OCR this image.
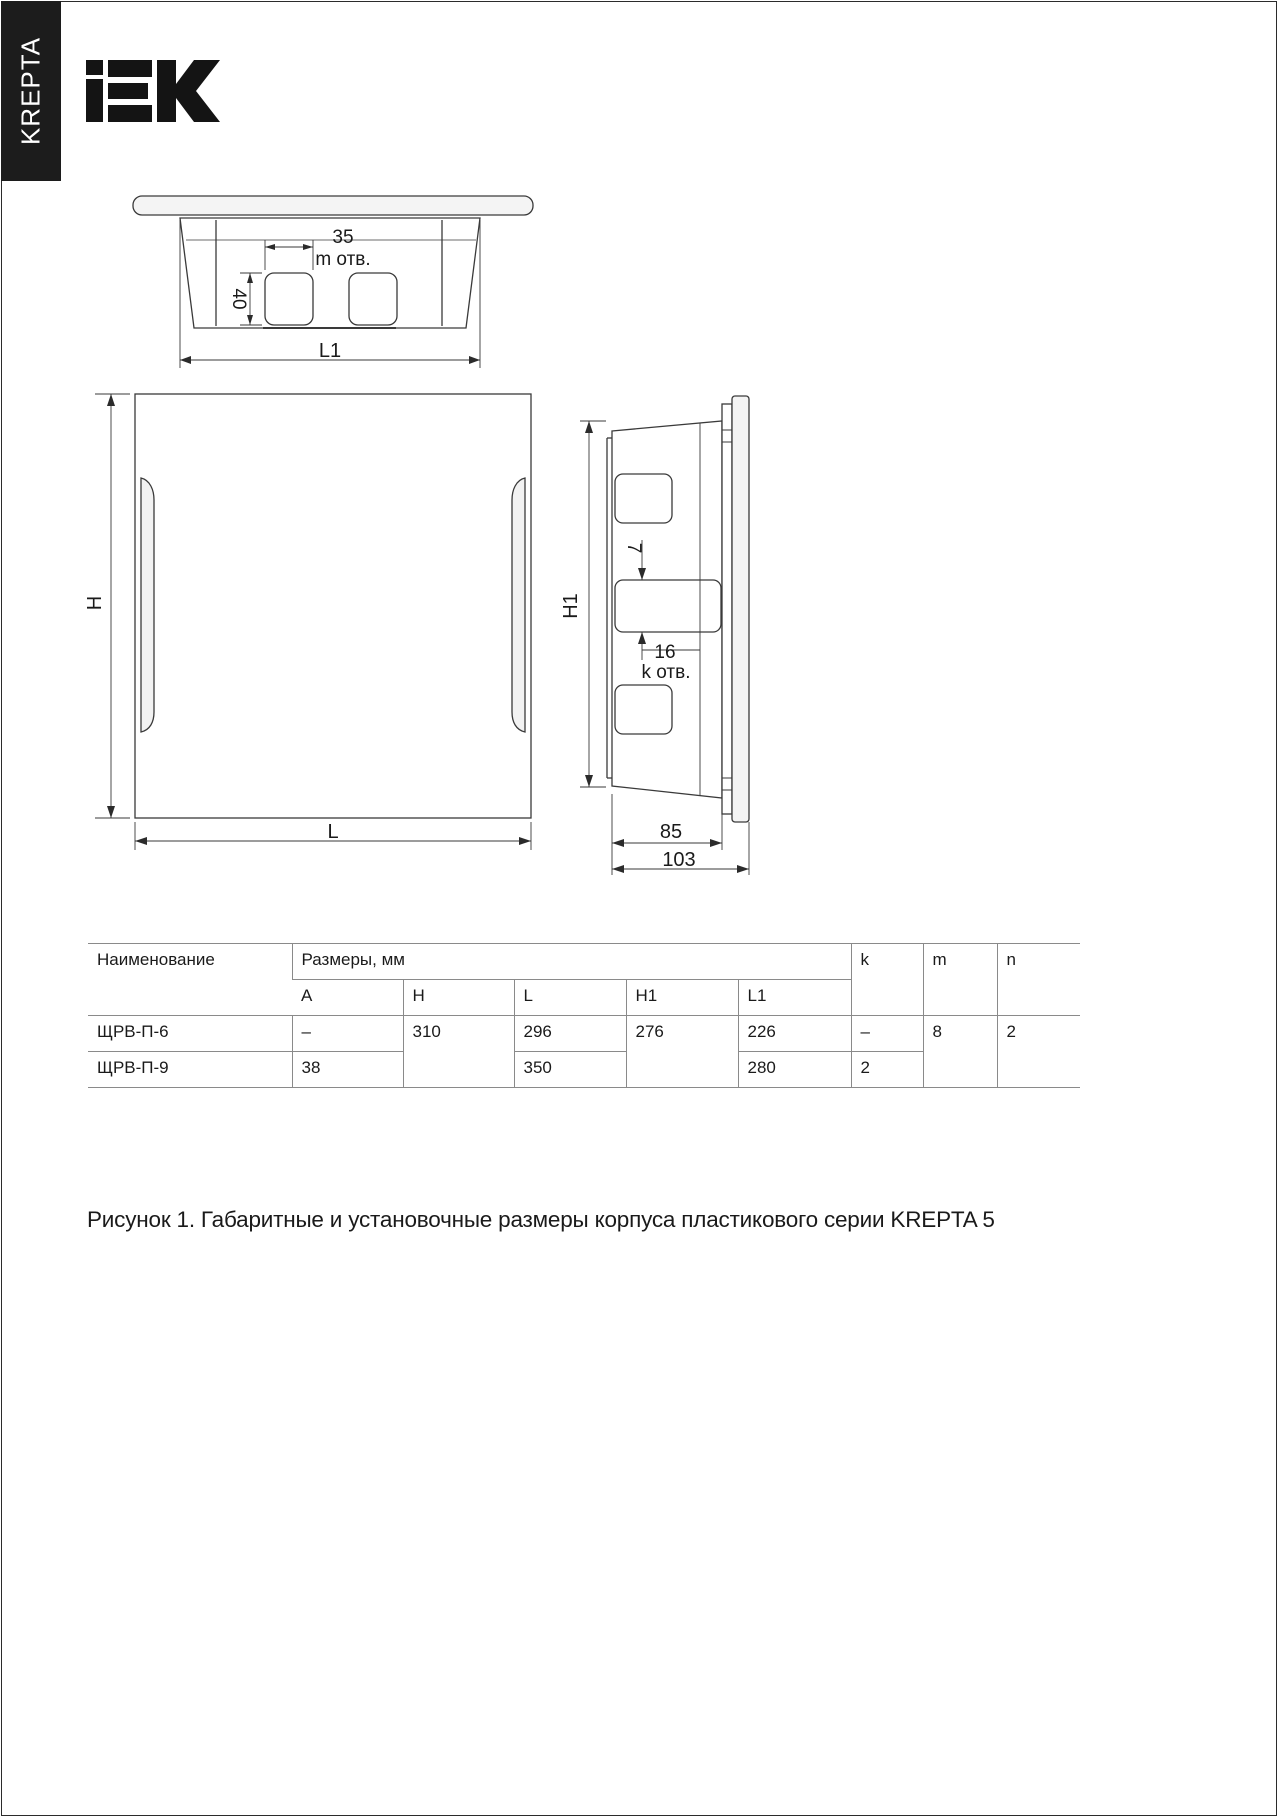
KREPTA
35
m отв.
40
L1
H
L
H1
7
16
k отв.
85
103
Наименование	Размеры, мм					k	m	n
	A	H	L	H1	L1			
ЩРВ-П-6	–	310	296	276	226	–	8	2
ЩРВ-П-9	38		350		280	2		
Рисунок 1. Габаритные и установочные размеры корпуса пластикового серии KREPTA 5
